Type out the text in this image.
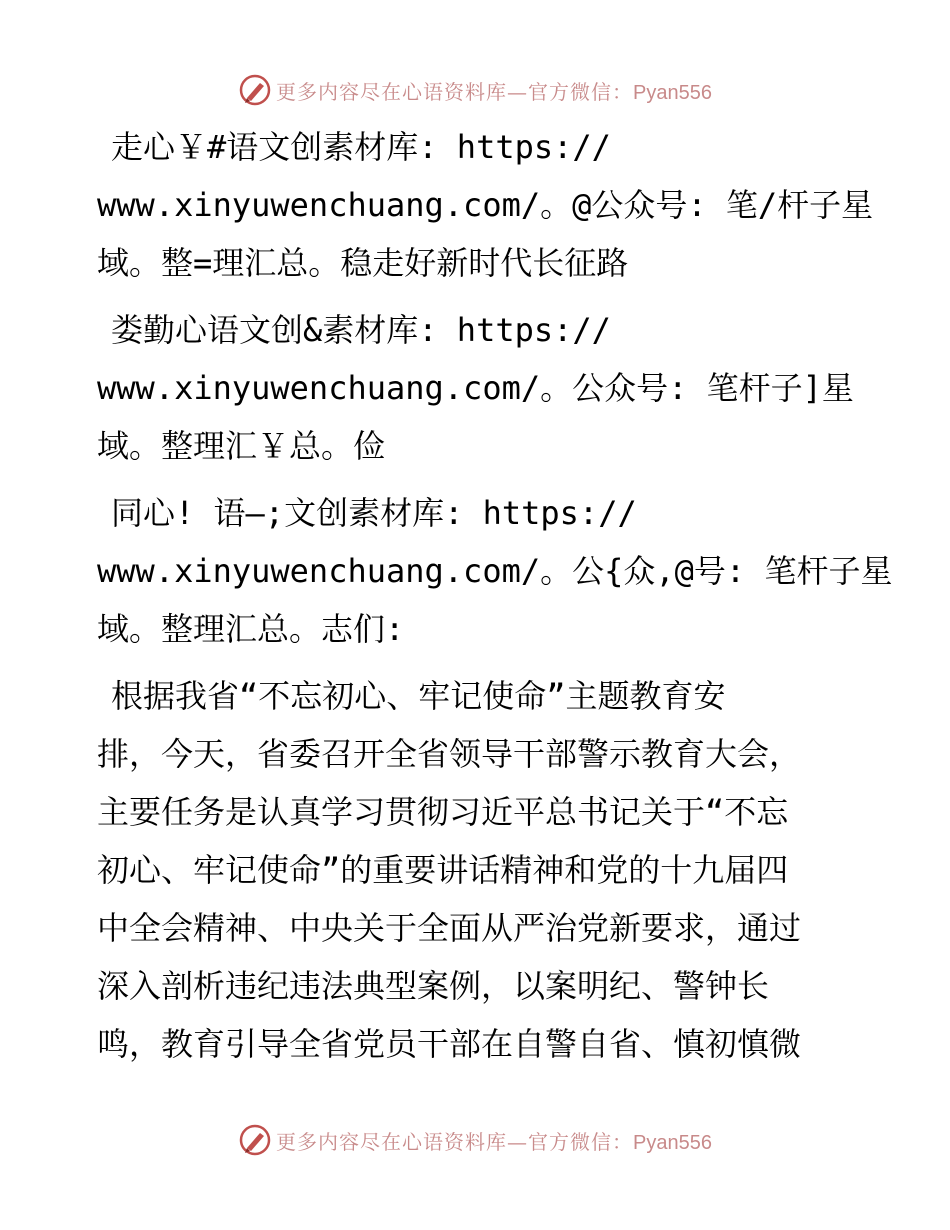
更多内容尽在心语资料库—官方微信：Pyan556
走心￥#语文创素材库: https://
www.xinyuwenchuang.com/。@公众号: 笔/杆子星
域。整=理汇总。稳走好新时代长征路
娄勤心语文创&素材库: https://
www.xinyuwenchuang.com/。公众号: 笔杆子]星
域。整理汇￥总。俭
同心! 语—;文创素材库: https://
www.xinyuwenchuang.com/。公{众,@号: 笔杆子星
域。整理汇总。志们:
根据我省“不忘初心、牢记使命”主题教育安
排，今天，省委召开全省领导干部警示教育大会，
主要任务是认真学习贯彻习近平总书记关于“不忘
初心、牢记使命”的重要讲话精神和党的十九届四
中全会精神、中央关于全面从严治党新要求，通过
深入剖析违纪违法典型案例，以案明纪、警钟长
鸣，教育引导全省党员干部在自警自省、慎初慎微
更多内容尽在心语资料库—官方微信：Pyan556
